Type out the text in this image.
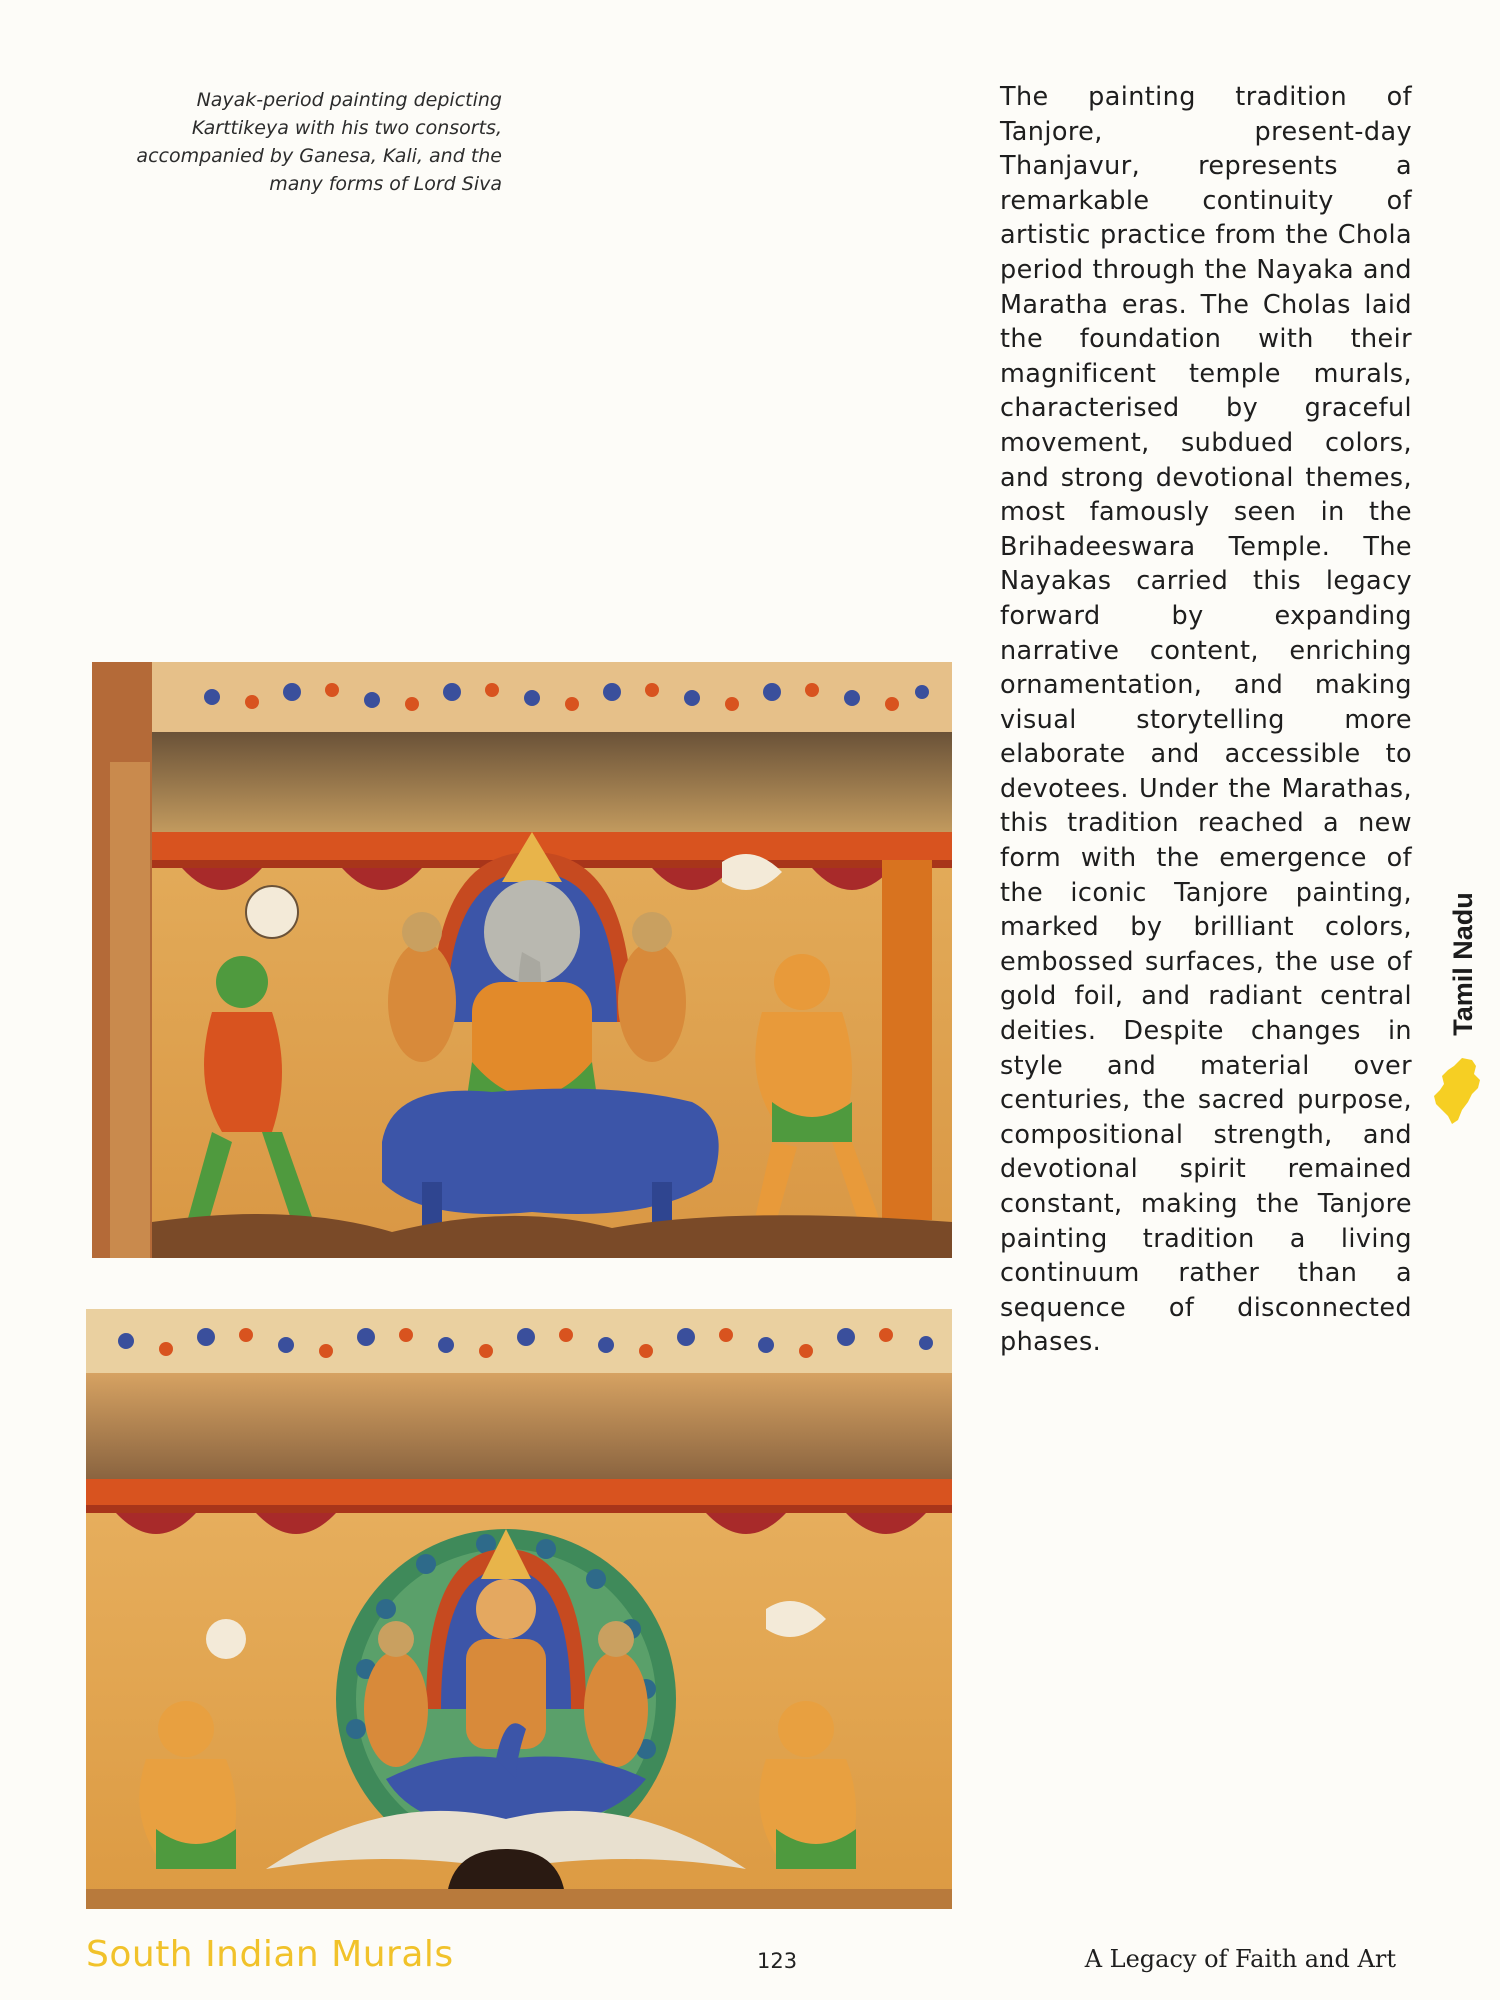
Nayak-period painting depicting
Karttikeya with his two consorts,
accompanied by Ganesa, Kali, and the
many forms of Lord Siva
The painting tradition of Tanjore, present-day Thanjavur, represents a remarkable continuity of artistic practice from the Chola period through the Nayaka and Maratha eras. The Cholas laid the foundation with their magnificent temple murals, characterised by graceful movement, subdued colors, and strong devotional themes, most famously seen in the Brihadeeswara Temple. The Nayakas carried this legacy forward by expanding narrative content, enriching ornamentation, and making visual storytelling more elaborate and accessible to devotees. Under the Marathas, this tradition reached a new form with the emergence of the iconic Tanjore painting, marked by brilliant colors, embossed surfaces, the use of gold foil, and radiant central deities. Despite changes in style and material over centuries, the sacred purpose, compositional strength, and devotional spirit remained constant, making the Tanjore painting tradition a living continuum rather than a sequence of disconnected phases.
Tamil Nadu
South Indian Murals	123	A Legacy of Faith and Art
